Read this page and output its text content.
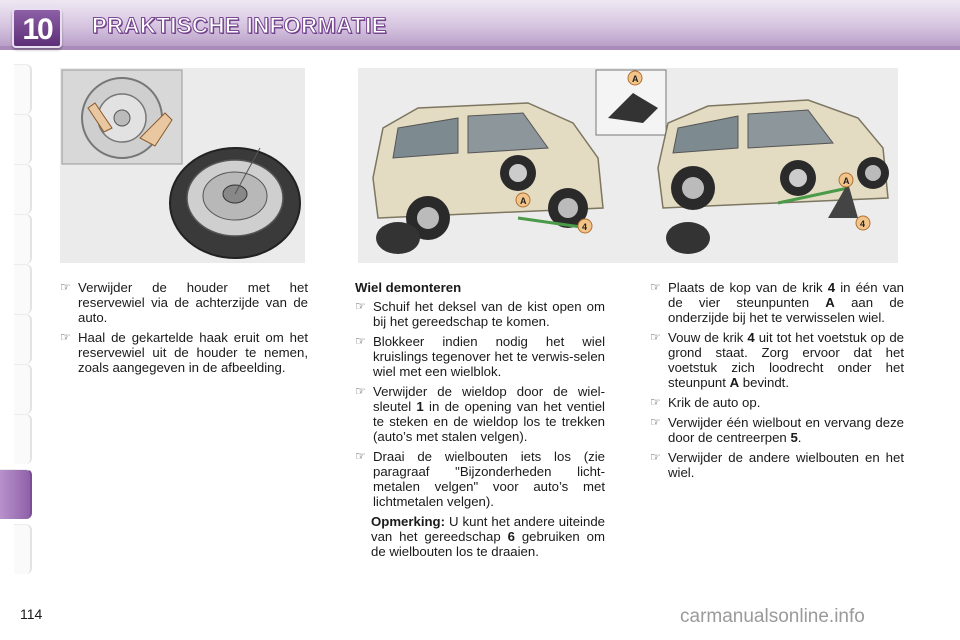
10	PRAKTISCHE INFORMATIE
A
4
A
A
4
☞ Verwijder de houder met het reservewiel via de achterzijde van de auto.
☞ Haal de gekartelde haak eruit om het reservewiel uit de houder te nemen, zoals aangegeven in de afbeelding.
Wiel demonteren
☞ Schuif het deksel van de kist open om bij het gereedschap te komen.
☞ Blokkeer indien nodig het wiel kruislings tegenover het te verwis-selen wiel met een wielblok.
☞ Verwijder de wieldop door de wiel-sleutel 1 in de opening van het ventiel te steken en de wieldop los te trekken (auto’s met stalen velgen).
☞ Draai de wielbouten iets los (zie paragraaf "Bijzonderheden licht-metalen velgen" voor auto’s met lichtmetalen velgen).
Opmerking: U kunt het andere uiteinde van het gereedschap 6 gebruiken om de wielbouten los te draaien.
☞ Plaats de kop van de krik 4 in één van de vier steunpunten A aan de onderzijde bij het te verwisselen wiel.
☞ Vouw de krik 4 uit tot het voetstuk op de grond staat. Zorg ervoor dat het voetstuk zich loodrecht onder het steunpunt A bevindt.
☞ Krik de auto op.
☞ Verwijder één wielbout en vervang deze door de centreerpen 5.
☞ Verwijder de andere wielbouten en het wiel.
114	carmanualsonline.info
